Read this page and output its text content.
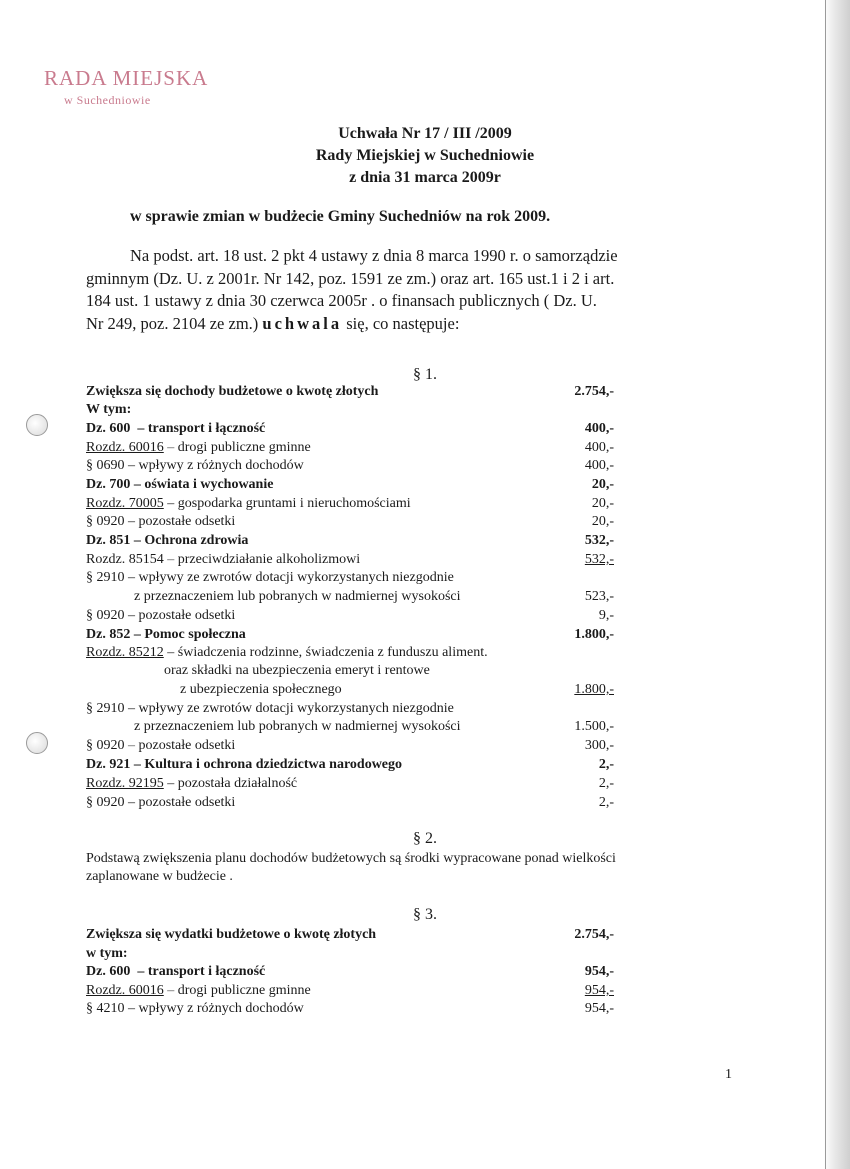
RADA MIEJSKA
w Suchedniowie
Uchwała Nr 17 / III /2009
Rady Miejskiej w Suchedniowie
z dnia 31 marca 2009r
w sprawie zmian w budżecie Gminy Suchedniów na rok 2009.
Na podst. art. 18 ust. 2 pkt 4 ustawy z dnia 8 marca 1990 r. o samorządzie
gminnym (Dz. U. z 2001r. Nr 142, poz. 1591 ze zm.) oraz art. 165 ust.1 i 2 i art.
184 ust. 1 ustawy z dnia 30 czerwca 2005r . o finansach publicznych ( Dz. U.
Nr 249, poz. 2104 ze zm.) uchwala się, co następuje:
§ 1.
Zwiększa się dochody budżetowe o kwotę złotych	2.754,-
W tym:
Dz. 600  – transport i łączność	400,-
Rozdz. 60016 – drogi publiczne gminne	400,-
§ 0690 – wpływy z różnych dochodów	400,-
Dz. 700 – oświata i wychowanie	20,-
Rozdz. 70005 – gospodarka gruntami i nieruchomościami	20,-
§ 0920 – pozostałe odsetki	20,-
Dz. 851 – Ochrona zdrowia	532,-
Rozdz. 85154 – przeciwdziałanie alkoholizmowi	532,-
§ 2910 – wpływy ze zwrotów dotacji wykorzystanych niezgodnie
z przeznaczeniem lub pobranych w nadmiernej wysokości	523,-
§ 0920 – pozostałe odsetki	9,-
Dz. 852 – Pomoc społeczna	1.800,-
Rozdz. 85212 – świadczenia rodzinne, świadczenia z funduszu aliment.
oraz składki na ubezpieczenia emeryt i rentowe
z ubezpieczenia społecznego	1.800,-
§ 2910 – wpływy ze zwrotów dotacji wykorzystanych niezgodnie
z przeznaczeniem lub pobranych w nadmiernej wysokości	1.500,-
§ 0920 – pozostałe odsetki	300,-
Dz. 921 – Kultura i ochrona dziedzictwa narodowego	2,-
Rozdz. 92195 – pozostała działalność	2,-
§ 0920 – pozostałe odsetki	2,-
§ 2.
Podstawą zwiększenia planu dochodów budżetowych są środki wypracowane ponad wielkości
zaplanowane w budżecie .
§ 3.
Zwiększa się wydatki budżetowe o kwotę złotych	2.754,-
w tym:
Dz. 600  – transport i łączność	954,-
Rozdz. 60016 – drogi publiczne gminne	954,-
§ 4210 – wpływy z różnych dochodów	954,-
1
